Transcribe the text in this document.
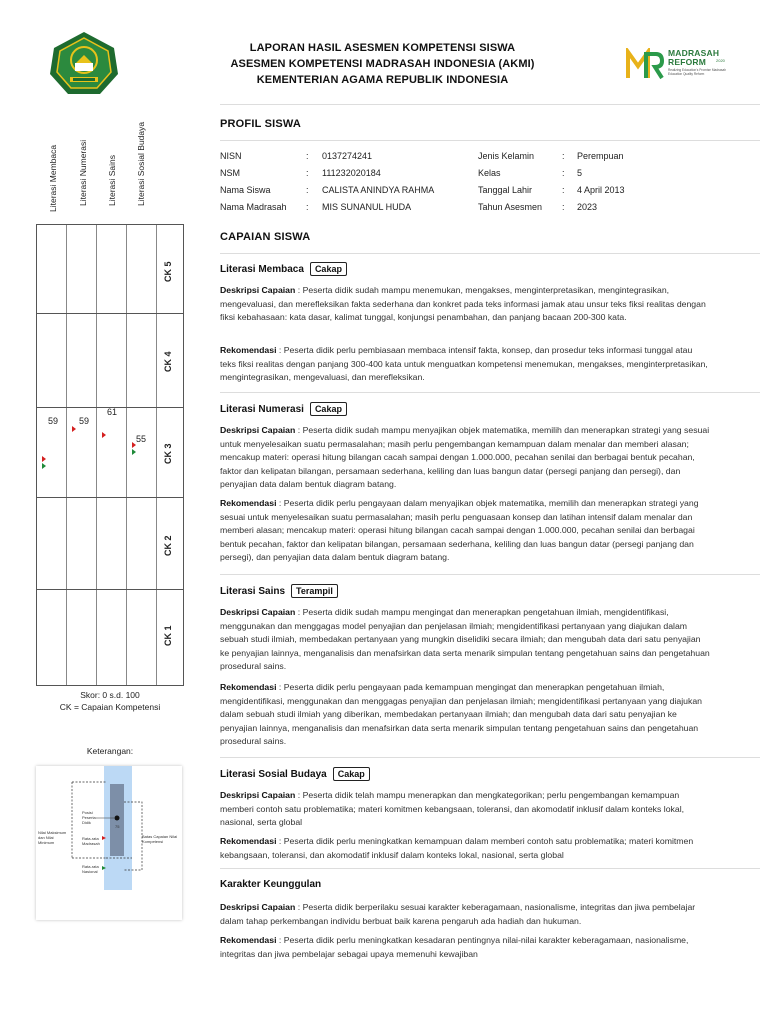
LAPORAN HASIL ASESMEN KOMPETENSI SISWA
ASESMEN KOMPETENSI MADRASAH INDONESIA (AKMI)
KEMENTERIAN AGAMA REPUBLIK INDONESIA
MADRASAH
REFORM 2020
Realizing Education's Promise Madrasah Education Quality Reform
Literasi Membaca Literasi Numerasi Literasi Sains Literasi Sosial Budaya
CK 5
CK 4
CK 3
CK 2
CK 1
59 59
61
55
Skor: 0 s.d. 100
CK = Capaian Kompetensi
Keterangan:
Nilai Maksimum dan Nilai Minimum
Posisi Peserta Didik
Rata-rata Madrasah
Rata-rata Nasional
Batas Capaian Nilai Kompetensi
75
PROFIL SISWA
NISN	: 0137274241
NSM	: 111232020184
Nama Siswa	: CALISTA ANINDYA RAHMA
Nama Madrasah : MIS SUNANUL HUDA
Jenis Kelamin	: Perempuan
Kelas	: 5
Tanggal Lahir	: 4 April 2013
Tahun Asesmen : 2023
CAPAIAN SISWA
Literasi Membaca Cakap
Deskripsi Capaian : Peserta didik sudah mampu menemukan, mengakses, menginterpretasikan, mengintegrasikan, mengevaluasi, dan merefleksikan fakta sederhana dan konkret pada teks informasi jamak atau unsur teks fiksi realitas dengan fiksi kebahasaan: kata dasar, kalimat tunggal, konjungsi penambahan, dan panjang bacaan 200-300 kata.
Rekomendasi : Peserta didik perlu pembiasaan membaca intensif fakta, konsep, dan prosedur teks informasi tunggal atau teks fiksi realitas dengan panjang 300-400 kata untuk menguatkan kompetensi menemukan, mengakses, menginterpretasikan, mengintegrasikan, mengevaluasi, dan merefleksikan.
Literasi Numerasi Cakap
Deskripsi Capaian : Peserta didik sudah mampu menyajikan objek matematika, memilih dan menerapkan strategi yang sesuai untuk menyelesaikan suatu permasalahan; masih perlu pengembangan kemampuan dalam menalar dan memberi alasan; mencakup materi: operasi hitung bilangan cacah sampai dengan 1.000.000, pecahan senilai dan berbagai bentuk pecahan, faktor dan kelipatan bilangan, persamaan sederhana, keliling dan luas bangun datar (persegi panjang dan persegi), dan penyajian data dalam bentuk diagram batang.
Rekomendasi : Peserta didik perlu pengayaan dalam menyajikan objek matematika, memilih dan menerapkan strategi yang sesuai untuk menyelesaikan suatu permasalahan; masih perlu penguasaan konsep dan latihan intensif dalam menalar dan memberi alasan; mencakup materi: operasi hitung bilangan cacah sampai dengan 1.000.000, pecahan senilai dan berbagai bentuk pecahan, faktor dan kelipatan bilangan, persamaan sederhana, keliling dan luas bangun datar (persegi panjang dan persegi), dan penyajian data dalam bentuk diagram batang.
Literasi Sains Terampil
Deskripsi Capaian : Peserta didik sudah mampu mengingat dan menerapkan pengetahuan ilmiah, mengidentifikasi, menggunakan dan menggagas model penyajian dan penjelasan ilmiah; mengidentifikasi pertanyaan yang diajukan dalam sebuah studi ilmiah, membedakan pertanyaan yang mungkin diselidiki secara ilmiah; dan mengubah data dari satu penyajian ke penyajian lainnya, menganalisis dan menafsirkan data serta menarik simpulan tentang pengetahuan sains dan pengetahuan prosedural sains.
Rekomendasi : Peserta didik perlu pengayaan pada kemampuan mengingat dan menerapkan pengetahuan ilmiah, mengidentifikasi, menggunakan dan menggagas penyajian dan penjelasan ilmiah; mengidentifikasi pertanyaan yang diajukan dalam sebuah studi ilmiah yang diberikan, membedakan pertanyaan ilmiah; dan mengubah data dari satu penyajian ke penyajian lainnya, menganalisis dan menafsirkan data serta menarik simpulan tentang pengetahuan sains dan pengetahuan prosedural sains.
Literasi Sosial Budaya Cakap
Deskripsi Capaian : Peserta didik telah mampu menerapkan dan mengkategorikan; perlu pengembangan kemampuan memberi contoh satu problematika; materi komitmen kebangsaan, toleransi, dan akomodatif inklusif dalam konteks lokal, nasional, serta global
Rekomendasi : Peserta didik perlu meningkatkan kemampuan dalam memberi contoh satu problematika; materi komitmen kebangsaan, toleransi, dan akomodatif inklusif dalam konteks lokal, nasional, serta global
Karakter Keunggulan
Deskripsi Capaian : Peserta didik berperilaku sesuai karakter keberagamaan, nasionalisme, integritas dan jiwa pembelajar dalam tahap perkembangan individu berbuat baik karena pengaruh ada hadiah dan hukuman.
Rekomendasi : Peserta didik perlu meningkatkan kesadaran pentingnya nilai-nilai karakter keberagamaan, nasionalisme, integritas dan jiwa pembelajar sebagai upaya memenuhi kewajiban
